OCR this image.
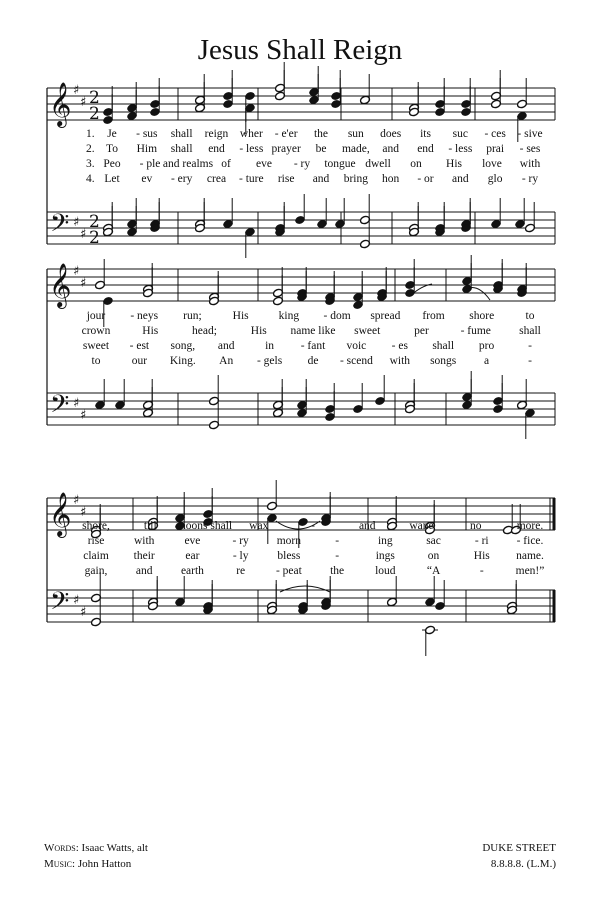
Jesus Shall Reign
𝄞
𝄢
♯
♯
♯
♯
2
2
2
2
𝄞
𝄢
♯
♯
♯
♯
𝄞
𝄢
♯
♯
♯
♯
1. Je - sus shall reign wher - e'er the sun does its suc - ces - sive
2. To Him shall end - less prayer be made, and end - less prai - ses
3. Peo - ple and realms of eve - ry tongue dwell on His love with
4. Let ev - ery crea - ture rise and bring hon - or and glo - ry
jour - neys run;	His	king - dom spread from shore	to
crown	His	head;	His name like sweet	per	- fume shall
sweet - est song, and	in - fant voic - es shall pro	-
to	our King. An - gels de - scend with songs a	-
shore,	till moons shall wax	-	and	wane	no	more.
rise	with	eve	- ry morn	-	ing	sac	- ri - fice.
claim their	ear	- ly	bless	-	ings	on	His name.
gain, and earth	re	- peat the	loud	“A	-	men!”
Words: Isaac Watts, alt
Music: John Hatton
DUKE STREET
8.8.8.8. (L.M.)
